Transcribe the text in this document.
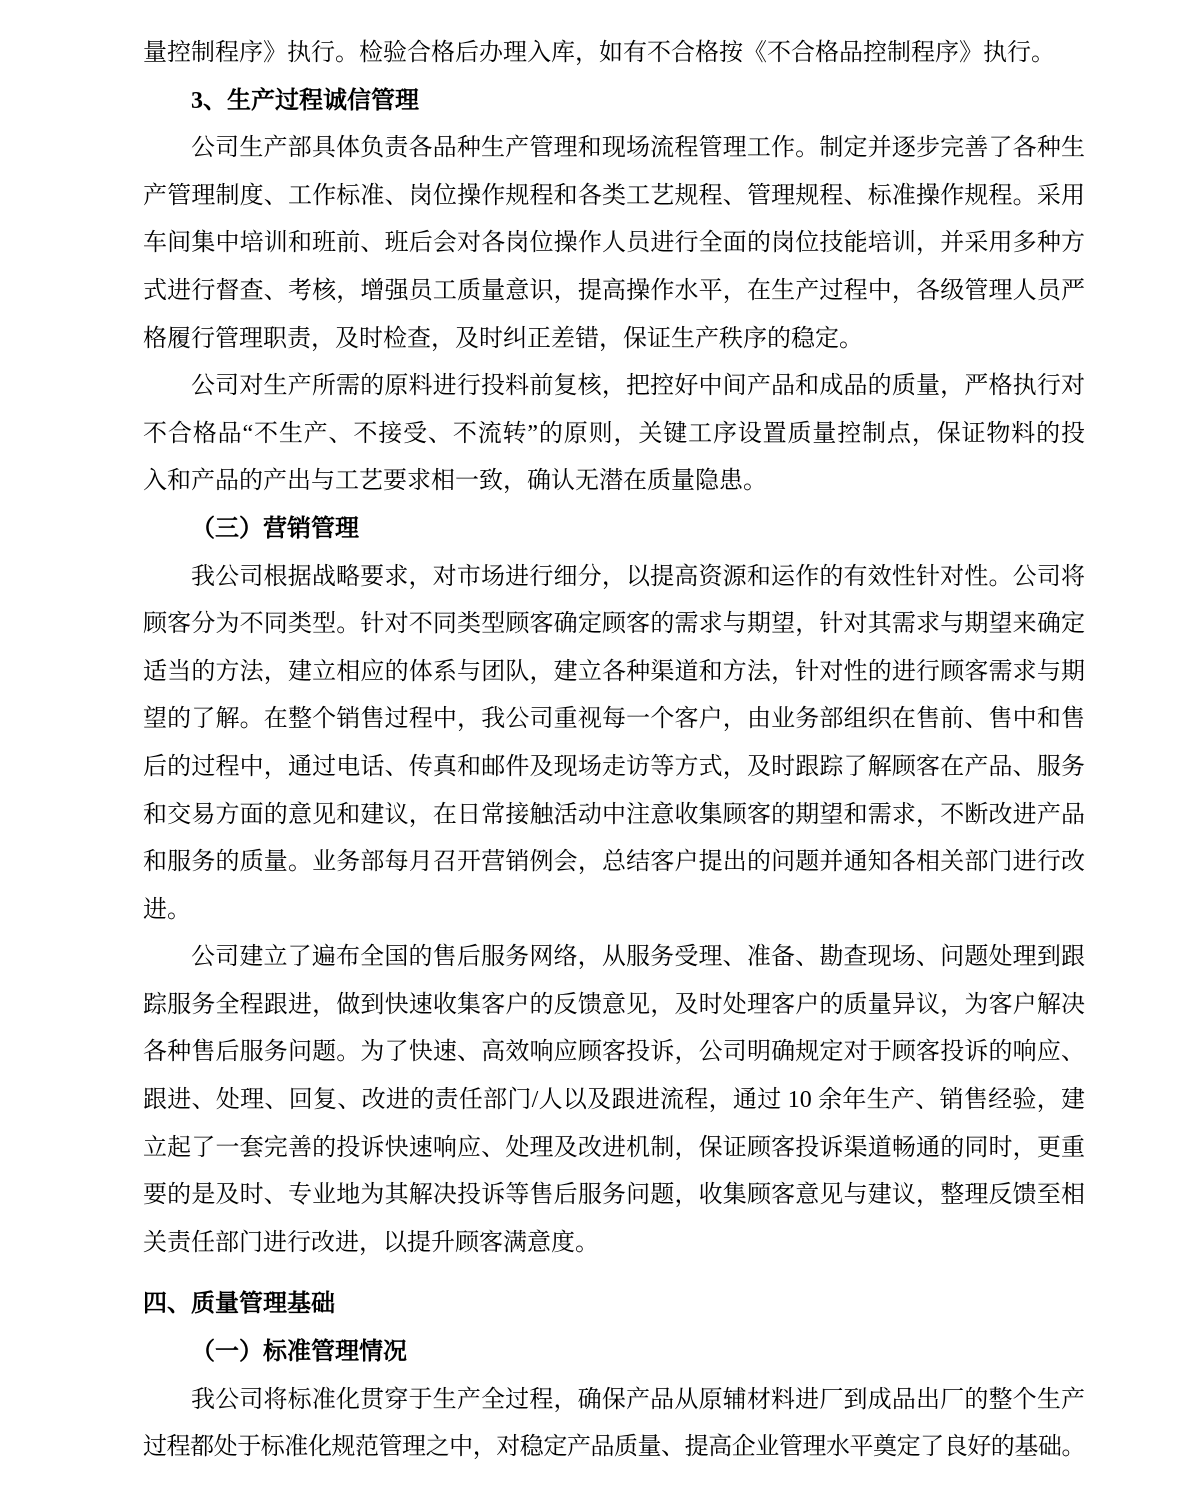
量控制程序》执行。检验合格后办理入库，如有不合格按《不合格品控制程序》执行。
3、生产过程诚信管理
公司生产部具体负责各品种生产管理和现场流程管理工作。制定并逐步完善了各种生
产管理制度、工作标准、岗位操作规程和各类工艺规程、管理规程、标准操作规程。采用
车间集中培训和班前、班后会对各岗位操作人员进行全面的岗位技能培训，并采用多种方
式进行督查、考核，增强员工质量意识，提高操作水平，在生产过程中，各级管理人员严
格履行管理职责，及时检查，及时纠正差错，保证生产秩序的稳定。
公司对生产所需的原料进行投料前复核，把控好中间产品和成品的质量，严格执行对
不合格品“不生产、不接受、不流转”的原则，关键工序设置质量控制点，保证物料的投
入和产品的产出与工艺要求相一致，确认无潜在质量隐患。
（三）营销管理
我公司根据战略要求，对市场进行细分，以提高资源和运作的有效性针对性。公司将
顾客分为不同类型。针对不同类型顾客确定顾客的需求与期望，针对其需求与期望来确定
适当的方法，建立相应的体系与团队，建立各种渠道和方法，针对性的进行顾客需求与期
望的了解。在整个销售过程中，我公司重视每一个客户，由业务部组织在售前、售中和售
后的过程中，通过电话、传真和邮件及现场走访等方式，及时跟踪了解顾客在产品、服务
和交易方面的意见和建议，在日常接触活动中注意收集顾客的期望和需求，不断改进产品
和服务的质量。业务部每月召开营销例会，总结客户提出的问题并通知各相关部门进行改
进。
公司建立了遍布全国的售后服务网络，从服务受理、准备、勘查现场、问题处理到跟
踪服务全程跟进，做到快速收集客户的反馈意见，及时处理客户的质量异议，为客户解决
各种售后服务问题。为了快速、高效响应顾客投诉，公司明确规定对于顾客投诉的响应、
跟进、处理、回复、改进的责任部门/人以及跟进流程，通过 10 余年生产、销售经验，建
立起了一套完善的投诉快速响应、处理及改进机制，保证顾客投诉渠道畅通的同时，更重
要的是及时、专业地为其解决投诉等售后服务问题，收集顾客意见与建议，整理反馈至相
关责任部门进行改进，以提升顾客满意度。
四、质量管理基础
（一）标准管理情况
我公司将标准化贯穿于生产全过程，确保产品从原辅材料进厂到成品出厂的整个生产
过程都处于标准化规范管理之中，对稳定产品质量、提高企业管理水平奠定了良好的基础。
